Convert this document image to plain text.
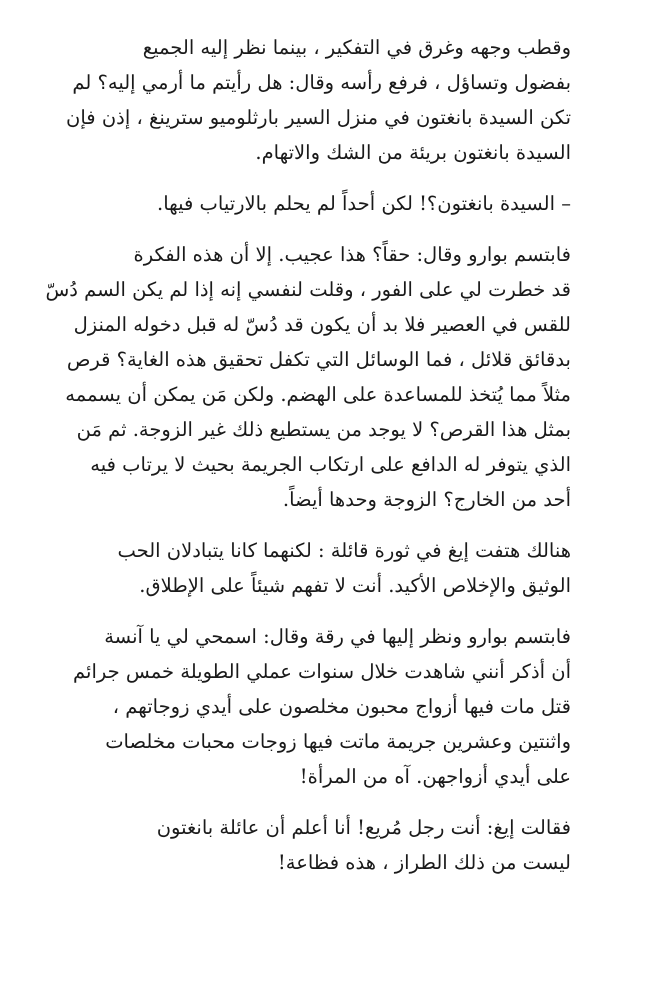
وقطب وجهه وغرق في التفكير ، بينما نظر إليه الجميع
بفضول وتساؤل ، فرفع رأسه وقال: هل رأيتم ما أرمي إليه؟ لم
تكن السيدة بانغتون في منزل السير بارثلوميو سترينغ ، إذن فإن
السيدة بانغتون بريئة من الشك والاتهام.
– السيدة بانغتون؟! لكن أحداً لم يحلم بالارتياب فيها.
فابتسم بوارو وقال: حقاً؟ هذا عجيب. إلا أن هذه الفكرة
قد خطرت لي على الفور ، وقلت لنفسي إنه إذا لم يكن السم دُسّ
للقس في العصير فلا بد أن يكون قد دُسّ له قبل دخوله المنزل
بدقائق قلائل ، فما الوسائل التي تكفل تحقيق هذه الغاية؟ قرص
مثلاً مما يُتخذ للمساعدة على الهضم. ولكن مَن يمكن أن يسممه
بمثل هذا القرص؟ لا يوجد من يستطيع ذلك غير الزوجة. ثم مَن
الذي يتوفر له الدافع على ارتكاب الجريمة بحيث لا يرتاب فيه
أحد من الخارج؟ الزوجة وحدها أيضاً.
هنالك هتفت إيغ في ثورة قائلة : لكنهما كانا يتبادلان الحب
الوثيق والإخلاص الأكيد. أنت لا تفهم شيئاً على الإطلاق.
فابتسم بوارو ونظر إليها في رقة وقال: اسمحي لي يا آنسة
أن أذكر أنني شاهدت خلال سنوات عملي الطويلة خمس جرائم
قتل مات فيها أزواج محبون مخلصون على أيدي زوجاتهم ،
واثنتين وعشرين جريمة ماتت فيها زوجات محبات مخلصات
على أيدي أزواجهن. آه من المرأة!
فقالت إيغ: أنت رجل مُريع! أنا أعلم أن عائلة بانغتون
ليست من ذلك الطراز ، هذه فظاعة!
